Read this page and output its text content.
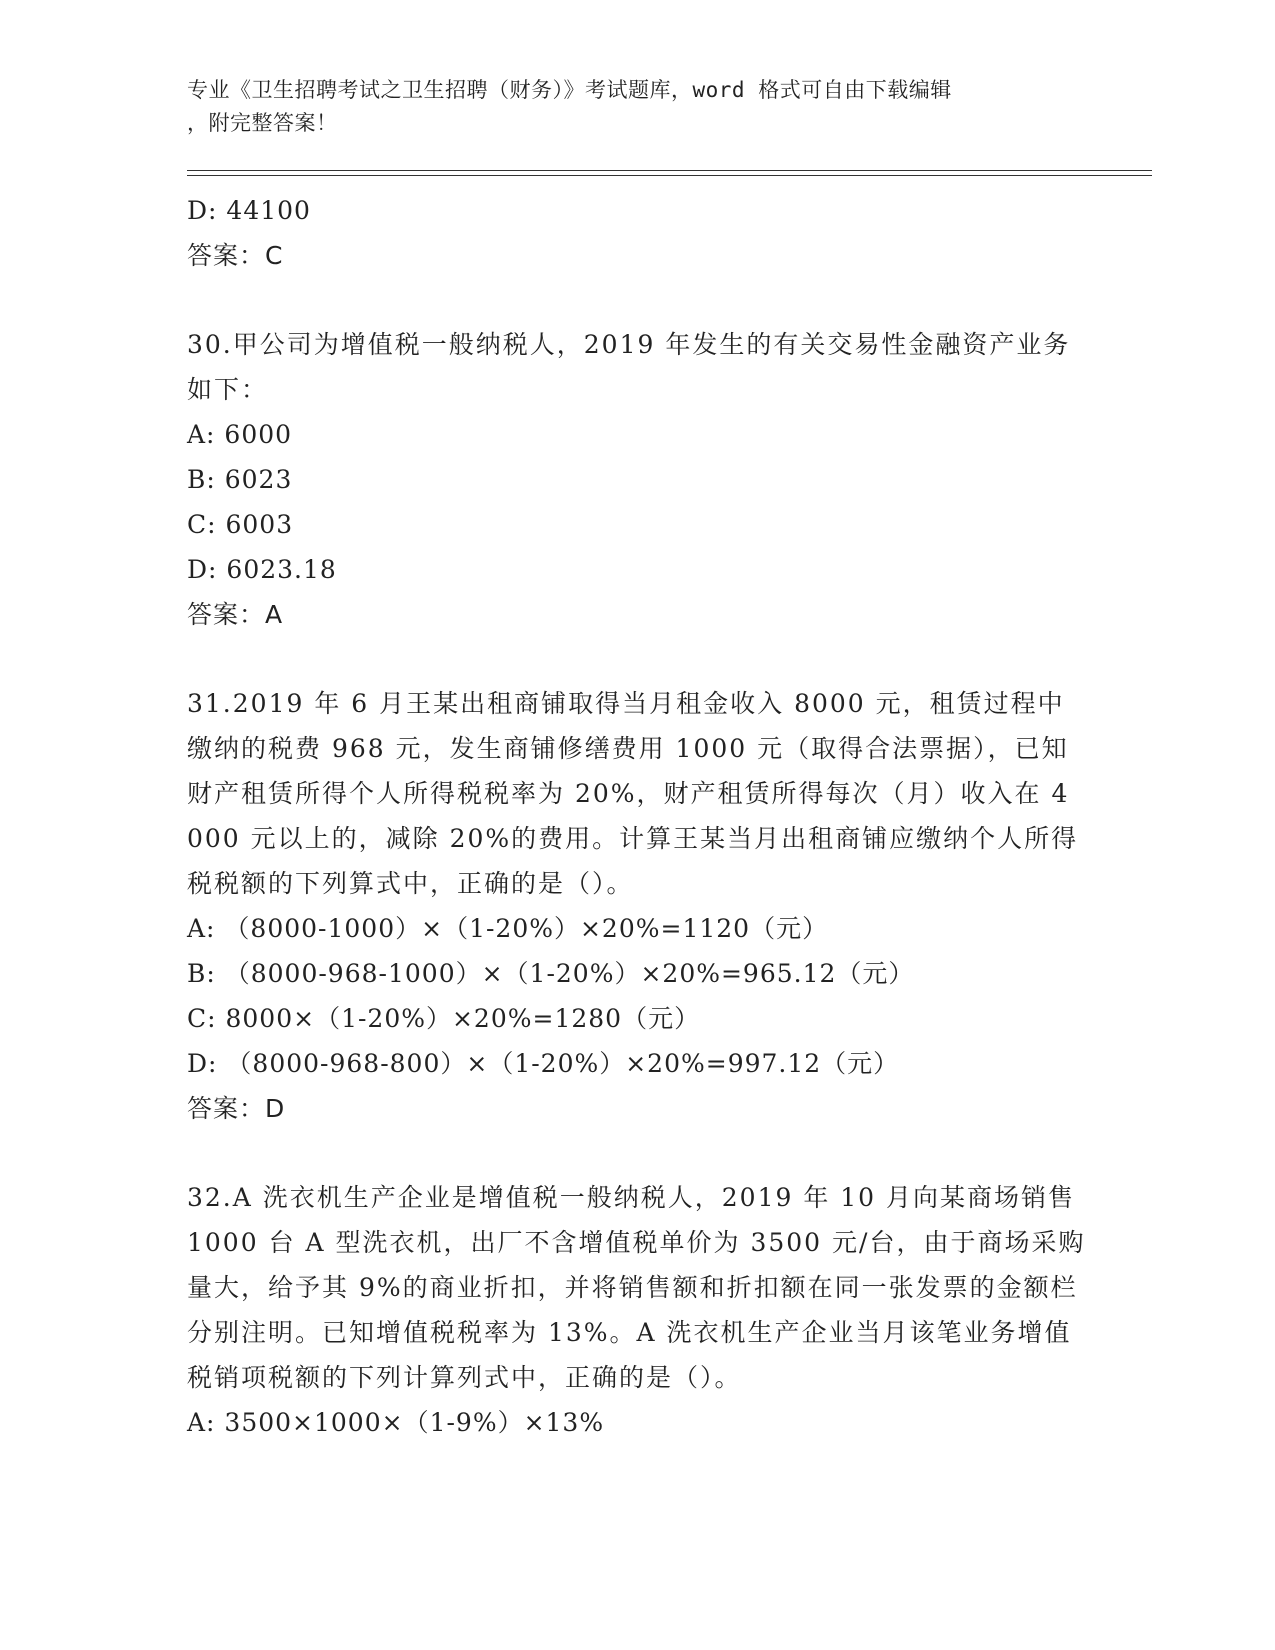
专业《卫生招聘考试之卫生招聘（财务）》考试题库，word 格式可自由下载编辑
，附完整答案！
D: 44100
答案：C
30.甲公司为增值税一般纳税人，2019 年发生的有关交易性金融资产业务如下：
A: 6000
B: 6023
C: 6003
D: 6023.18
答案：A
31.2019 年 6 月王某出租商铺取得当月租金收入 8000 元，租赁过程中缴纳的税费 968 元，发生商铺修缮费用 1000 元（取得合法票据），已知财产租赁所得个人所得税税率为 20%，财产租赁所得每次（月）收入在 4000 元以上的，减除 20%的费用。计算王某当月出租商铺应缴纳个人所得税税额的下列算式中，正确的是（）。
A: （8000-1000）×（1-20%）×20%=1120（元）
B: （8000-968-1000）×（1-20%）×20%=965.12（元）
C: 8000×（1-20%）×20%=1280（元）
D: （8000-968-800）×（1-20%）×20%=997.12（元）
答案：D
32.A 洗衣机生产企业是增值税一般纳税人，2019 年 10 月向某商场销售 1000 台 A 型洗衣机，出厂不含增值税单价为 3500 元/台，由于商场采购量大，给予其 9%的商业折扣，并将销售额和折扣额在同一张发票的金额栏分别注明。已知增值税税率为 13%。A 洗衣机生产企业当月该笔业务增值税销项税额的下列计算列式中，正确的是（）。
A: 3500×1000×（1-9%）×13%
